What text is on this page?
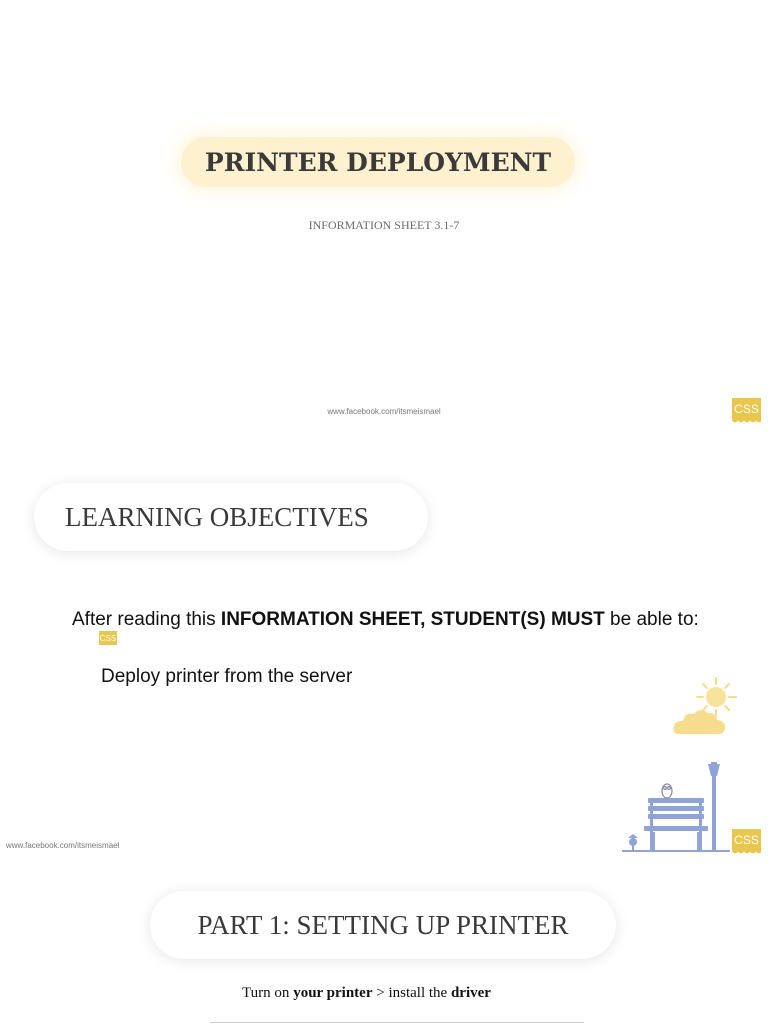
PRINTER DEPLOYMENT
INFORMATION SHEET 3.1-7
www.facebook.com/itsmeismael	CSS
LEARNING OBJECTIVES
After reading this INFORMATION SHEET, STUDENT(S) MUST be able to:
CSS
Deploy printer from the server
www.facebook.com/itsmeismael	CSS
PART 1: SETTING UP PRINTER
Turn on your printer > install the driver
